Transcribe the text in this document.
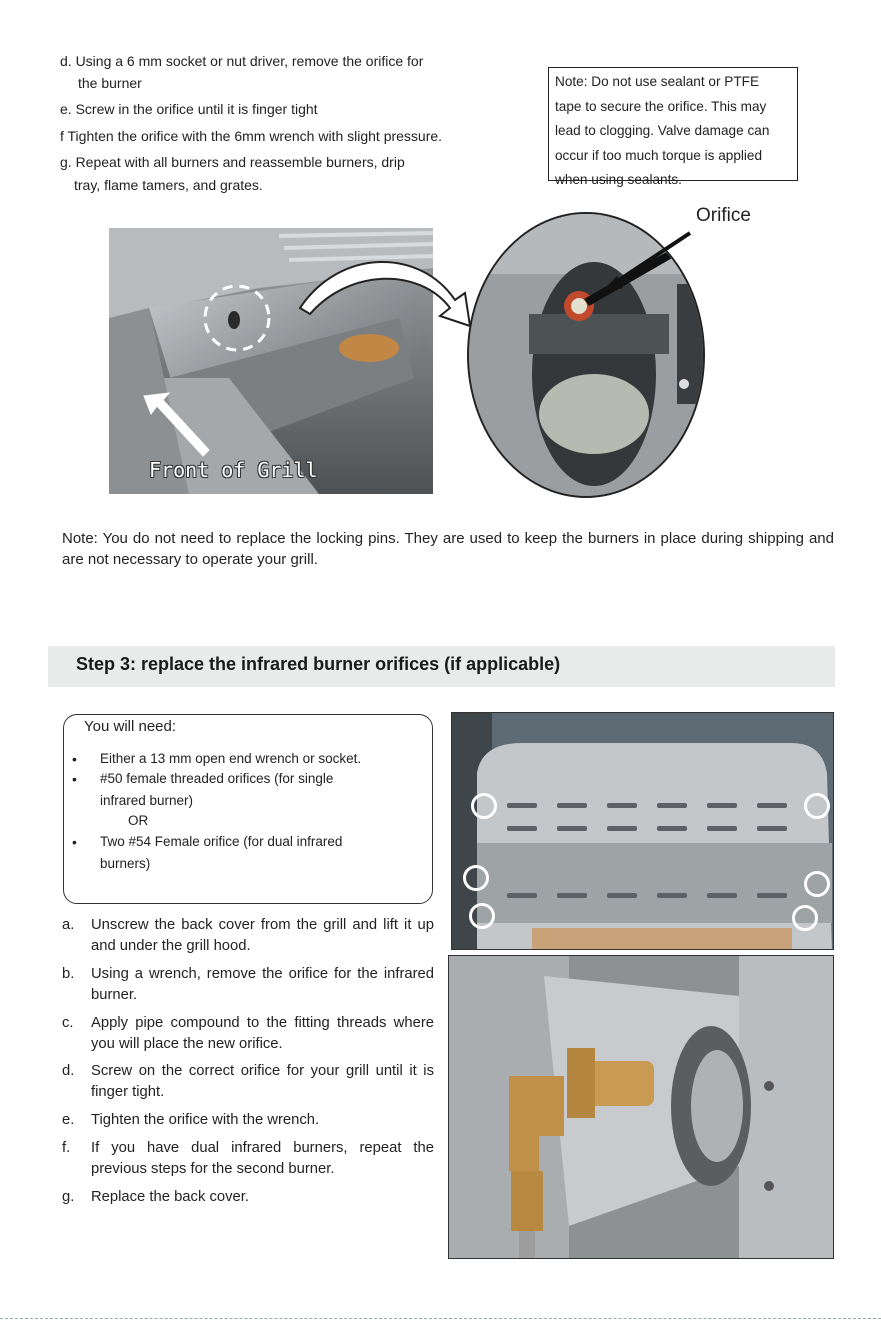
d. Using a 6 mm socket or nut driver, remove the orifice for
the burner
e. Screw in the orifice until it is finger tight
f Tighten the orifice with the 6mm wrench with slight pressure.
g. Repeat with all burners and reassemble burners, drip
tray, flame tamers, and grates.
Note: Do not use sealant or PTFE
tape to secure the orifice. This may
lead to clogging. Valve damage can
occur if too much torque is applied
when using sealants.
Orifice
Front of Grill
Note: You do not need to replace the locking pins. They are used to keep the burners in place during shipping and are not necessary to operate your grill.
Step 3: replace the infrared burner orifices (if applicable)
You will need:
• Either a 13 mm open end wrench or socket.
• #50 female threaded orifices (for single
infrared burner)
OR
• Two #54 Female orifice (for dual infrared
burners)
a. Unscrew the back cover from the grill and lift it up and under the grill hood.
b. Using a wrench, remove the orifice for the infrared burner.
c. Apply pipe compound to the fitting threads where you will place the new orifice.
d. Screw on the correct orifice for your grill until it is finger tight.
e. Tighten the orifice with the wrench.
f. If you have dual infrared burners, repeat the previous steps for the second burner.
g. Replace the back cover.
